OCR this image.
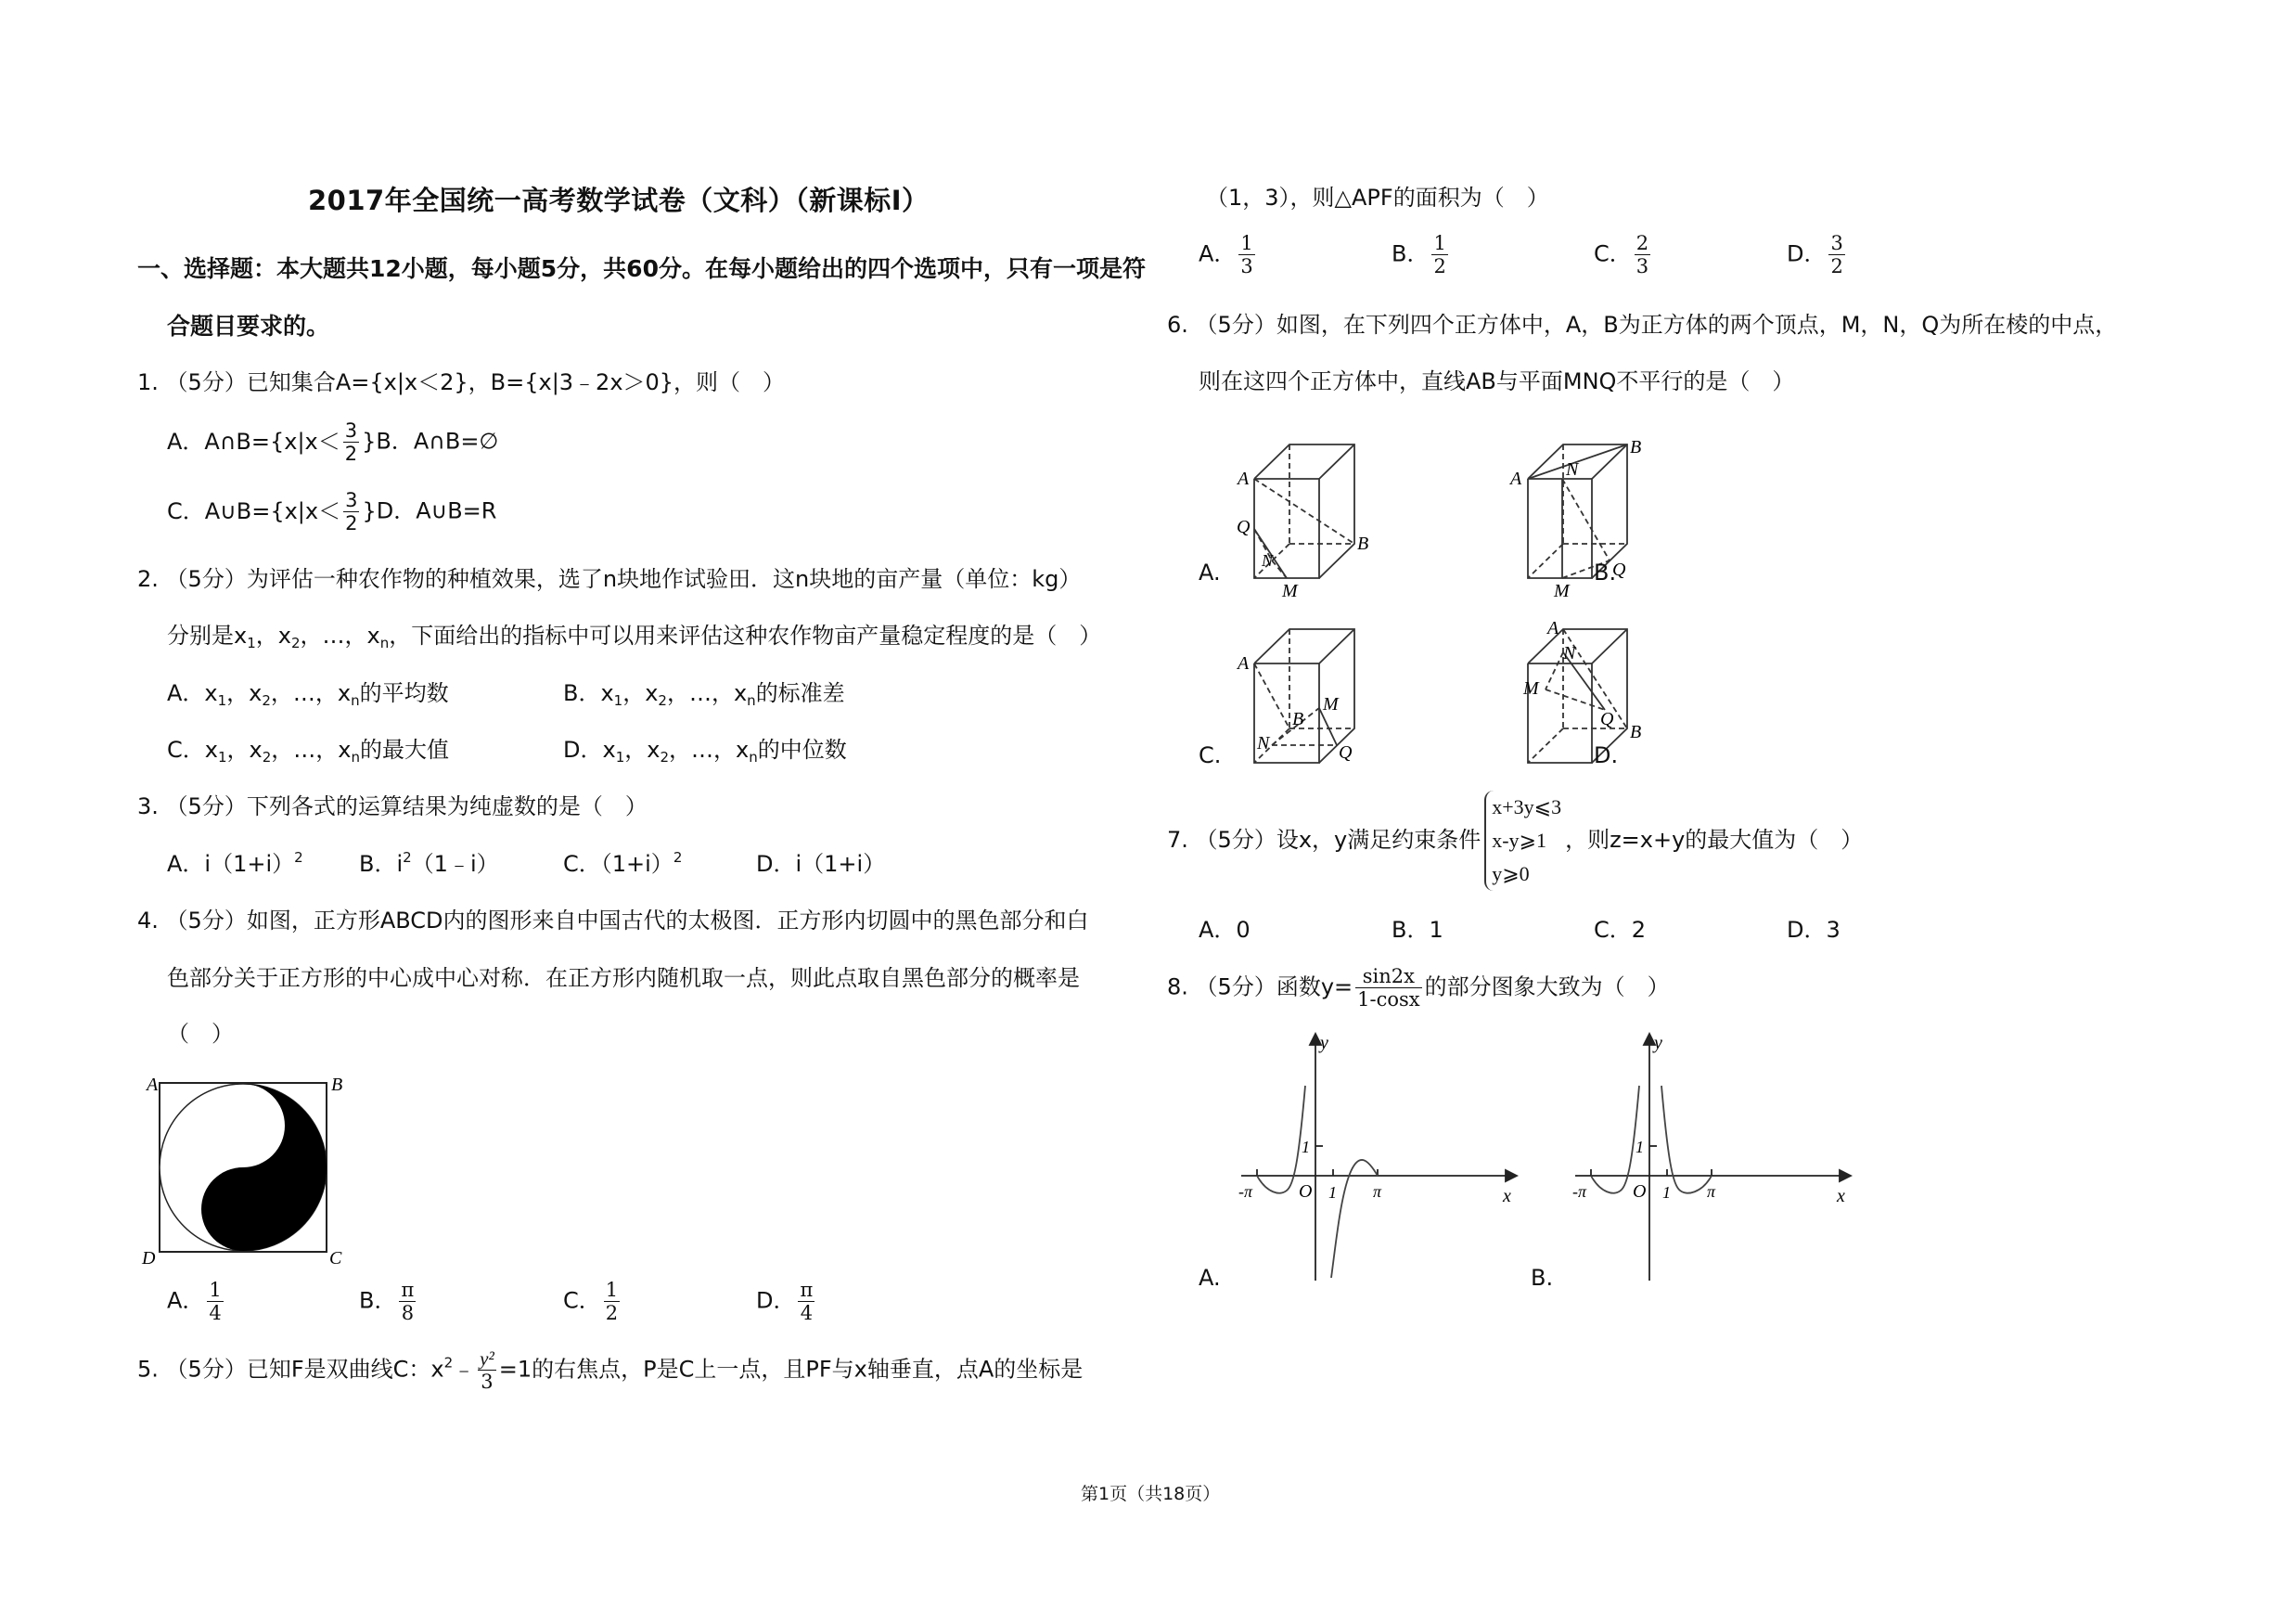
2017年全国统一高考数学试卷（文科）（新课标Ⅰ）
一、选择题：本大题共12小题，每小题5分，共60分。在每小题给出的四个选项中，只有一项是符
合题目要求的。
1. （5分）已知集合A={x|x＜2}，B={x|3﹣2x＞0}，则（　）
A．A∩B={x|x＜ $\frac{3}{2} \}B$．A∩B=∅
C．A∪B={x|x＜ $\frac{3}{2} \}D$．A∪B=R
2. （5分）为评估一种农作物的种植效果，选了n块地作试验田．这n块地的亩产量（单位：kg）
分别是$x_1$，$x_2$，…，$x_n$，下面给出的指标中可以用来评估这种农作物亩产量稳定程度的是（　）
A．$x_1$，$x_2$，…，$x_n$的平均数	B．$x_1$，$x_2$，…，$x_n$的标准差
C．$x_1$，$x_2$，…，$x_n$的最大值	D．$x_1$，$x_2$，…，$x_n$的中位数
3. （5分）下列各式的运算结果为纯虚数的是（　）
A．$i(1+i)^2$	B．$i^2(1﹣i)$	C．$(1+i)^2$	D．i（1+i）
4. （5分）如图，正方形ABCD内的图形来自中国古代的太极图．正方形内切圆中的黑色部分和白
色部分关于正方形的中心成中心对称．在正方形内随机取一点，则此点取自黑色部分的概率是
（　）
A	B
D	C
A． $\frac{1}{4}$	B． $\frac{\pi}{8}$	C． $\frac{1}{2}$	D． $\frac{\pi}{4}$
5. （5分）已知F是双曲线C：$x^2﹣ \frac{\text{y²}}{3} =1$的右焦点，P是C上一点，且PF与x轴垂直，点A的坐标是
（1，3），则△APF的面积为（　）
A． $\frac{1}{3}$	B． $\frac{1}{2}$	C． $\frac{2}{3}$	D． $\frac{3}{2}$
6. （5分）如图，在下列四个正方体中，A，B为正方体的两个顶点，M，N，Q为所在棱的中点，
则在这四个正方体中，直线AB与平面MNQ不平行的是（　）
A
B
Q
N
M
A.
A
B
N
Q
M
B.
A
B
M
N	Q
C.
A
B
N
M
Q
D.
7. （5分）设x，y满足约束条件
x+3y⩽3
x-y⩾1
y⩾0
，则z=x+y的最大值为（　）
A．0	B．1	C．2	D．3
8. （5分）函数$y= \frac{\sin 2x}{1-\cos x}$ 的部分图象大致为（　）
y
x
O
1
1
-π	π
A.
y
x
O
1
1
-π	π
B.
第1页（共18页）
